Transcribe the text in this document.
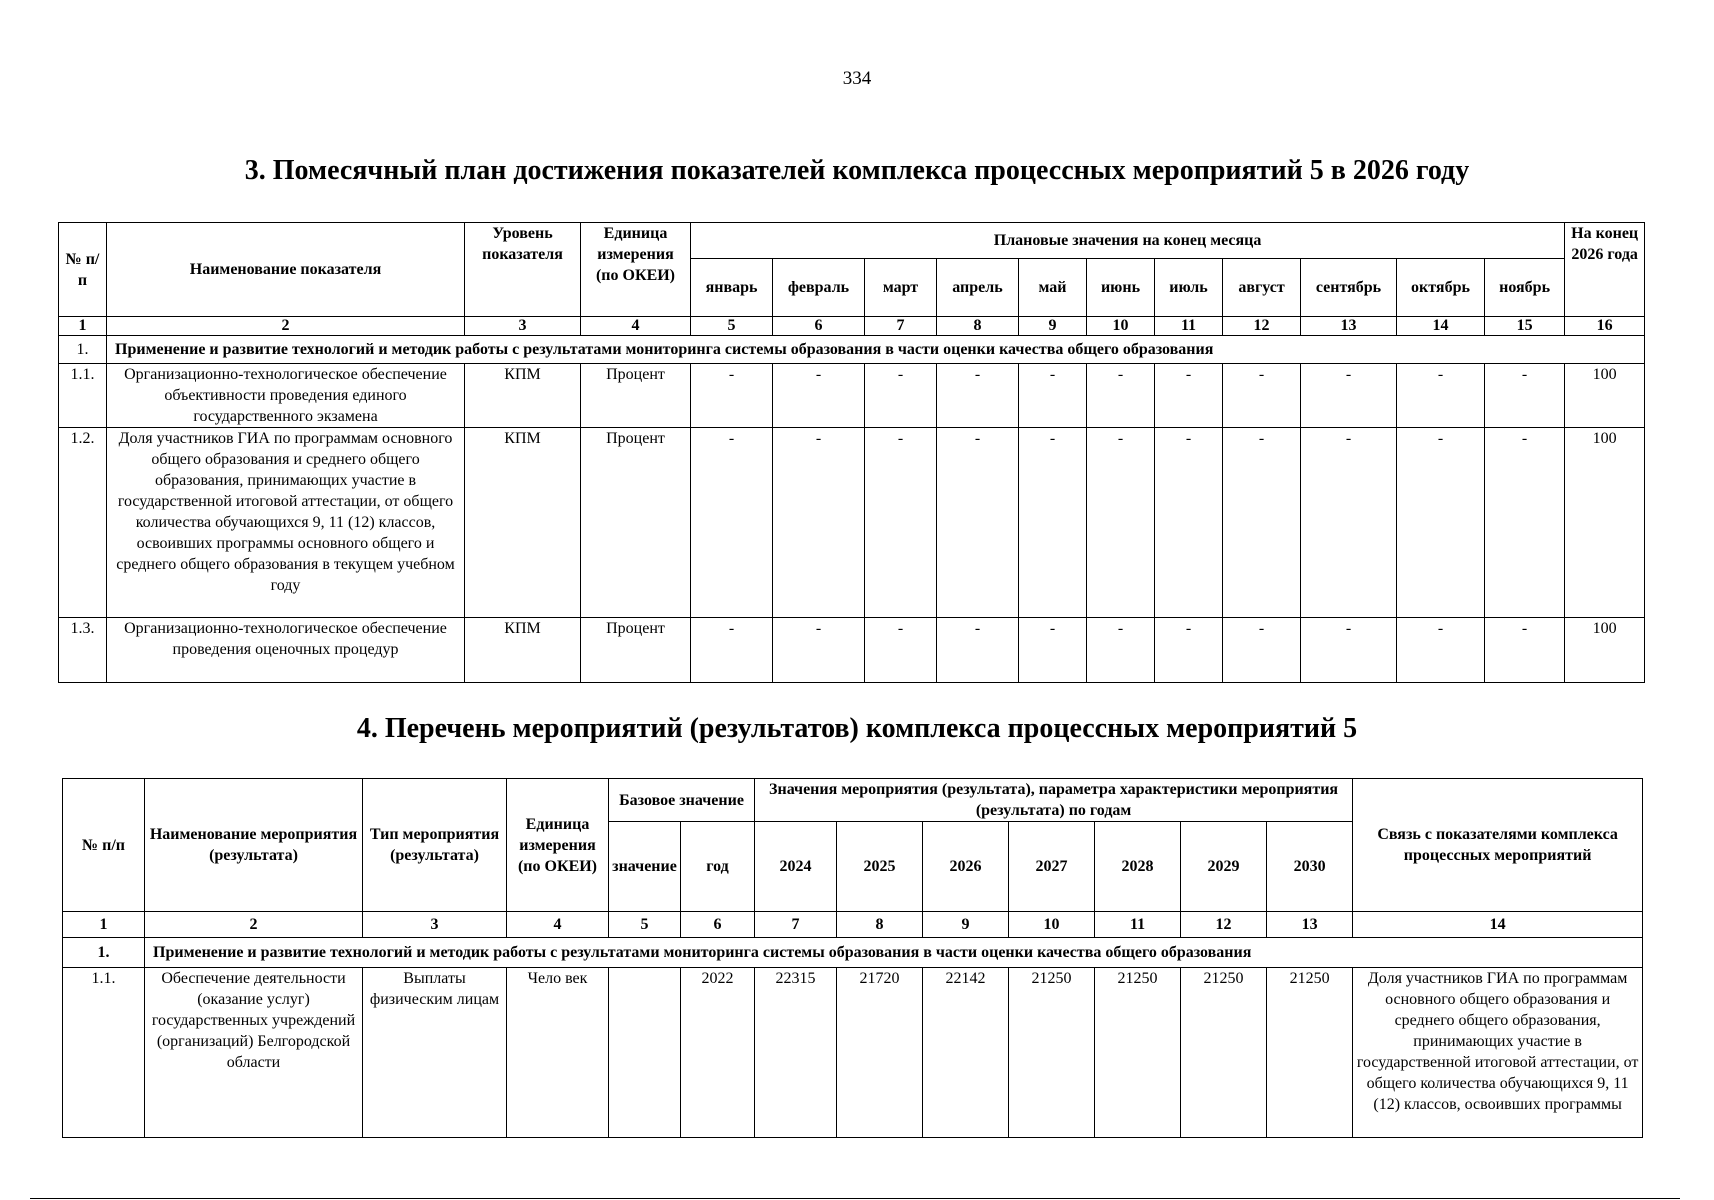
334
3. Помесячный план достижения показателей комплекса процессных мероприятий 5 в 2026 году
№ п/п	Наименование показателя	Уровень показателя	Единица измерения (по ОКЕИ)	Плановые значения на конец месяца											На конец 2026 года
				январь	февраль	март	апрель	май	июнь	июль	август	сентябрь	октябрь	ноябрь	
1	2	3	4	5	6	7	8	9	10	11	12	13	14	15	16
1.	Применение и развитие технологий и методик работы с результатами мониторинга системы образования в части оценки качества общего образования														
1.1.	Организационно-технологическое обеспечение объективности проведения единого государственного экзамена	КПМ	Процент	-	-	-	-	-	-	-	-	-	-	-	100
1.2.	Доля участников ГИА по программам основного общего образования и среднего общего образования, принимающих участие в государственной итоговой аттестации, от общего количества обучающихся 9, 11 (12) классов, освоивших программы основного общего и среднего общего образования в текущем учебном году	КПМ	Процент	-	-	-	-	-	-	-	-	-	-	-	100
1.3.	Организационно-технологическое обеспечение проведения оценочных процедур	КПМ	Процент	-	-	-	-	-	-	-	-	-	-	-	100
4. Перечень мероприятий (результатов) комплекса процессных мероприятий 5
№ п/п	Наименование мероприятия (результата)	Тип мероприятия (результата)	Единица измерения (по ОКЕИ)	Базовое значение		Значения мероприятия (результата), параметра характеристики мероприятия (результата) по годам							Связь с показателями комплекса процессных мероприятий
				значение	год	2024	2025	2026	2027	2028	2029	2030	
1	2	3	4	5	6	7	8	9	10	11	12	13	14
1.	Применение и развитие технологий и методик работы с результатами мониторинга системы образования в части оценки качества общего образования												
1.1.	Обеспечение деятельности (оказание услуг) государственных учреждений (организаций) Белгородской области	Выплаты физическим лицам	Чело век		2022	22315	21720	22142	21250	21250	21250	21250	Доля участников ГИА по программам основного общего образования и среднего общего образования, принимающих участие в государственной итоговой аттестации, от общего количества обучающихся 9, 11 (12) классов, освоивших программы
